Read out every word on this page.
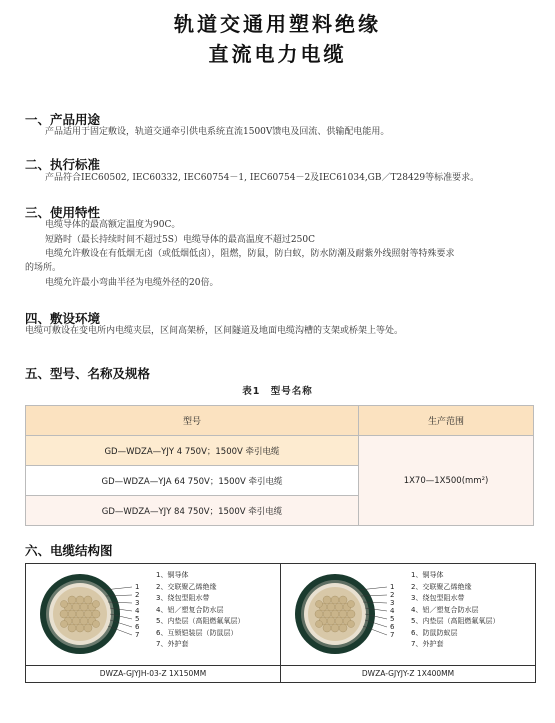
轨道交通用塑料绝缘
直流电力电缆
一、产品用途
产品适用于固定敷设，轨道交通牵引供电系统直流1500V馈电及回流、供输配电能用。
二、执行标准
产品符合IEC60502, IEC60332, IEC60754－1, IEC60754－2及IEC61034,GB／T28429等标准要求。
三、使用特性
电缆导体的最高额定温度为90C。
短路时（最长持续时间不超过5S）电缆导体的最高温度不超过250C
电缆允许敷设在有低烟无卤（或低烟低卤），阻燃，防鼠，防白蚁，防水防潮及耐紫外线照射等特殊要求
的场所。
电缆允许最小弯曲半径为电缆外径的20倍。
四、敷设环境
电缆可敷设在变电所内电缆夹层，区间高架桥，区间隧道及地面电缆沟槽的支架或桥架上等处。
五、型号、名称及规格
表1　型号名称
型号	生产范围
GD—WDZA—YJY 4 750V；1500V 牵引电缆	1X70—1X500(mm²)
GD—WDZA—YJA 64 750V；1500V 牵引电缆	
GD—WDZA—YJY 84 750V；1500V 牵引电缆	
六、电缆结构图
1
2
3
4
5
6
7
1、铜导体
2、交联聚乙烯绝缘
3、绕包型阻水带
4、铝／塑复合防水层
5、内垫层（高阻燃氟氧层）
6、互锁铠装层（防鼠层）
7、外护套
DWZA-GJYJH-03-Z 1X150MM
1
2
3
4
5
6
7
1、铜导体
2、交联聚乙烯绝缘
3、绕包型阻水带
4、铝／塑复合防水层
5、内垫层（高阻燃氟氧层）
6、防鼠防蚁层
7、外护套
DWZA-GJYJY-Z 1X400MM
